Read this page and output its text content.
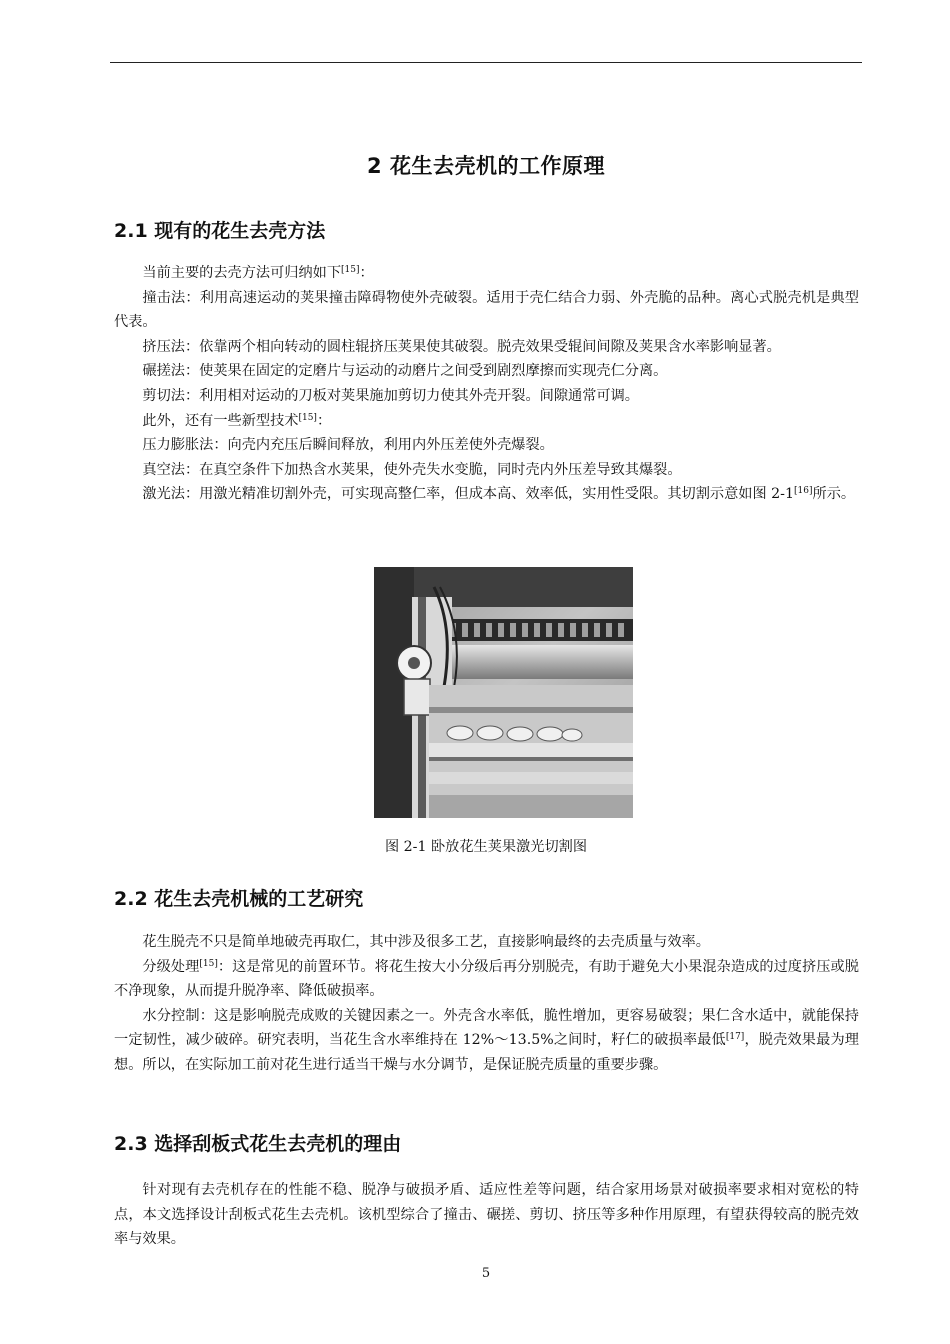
2 花生去壳机的工作原理
2.1 现有的花生去壳方法

当前主要的去壳方法可归纳如下[15]：

撞击法：利用高速运动的荚果撞击障碍物使外壳破裂。适用于壳仁结合力弱、外壳脆的品种。离心式脱壳机是典型代表。

挤压法：依靠两个相向转动的圆柱辊挤压荚果使其破裂。脱壳效果受辊间间隙及荚果含水率影响显著。

碾搓法：使荚果在固定的定磨片与运动的动磨片之间受到剧烈摩擦而实现壳仁分离。

剪切法：利用相对运动的刀板对荚果施加剪切力使其外壳开裂。间隙通常可调。

此外，还有一些新型技术[15]：

压力膨胀法：向壳内充压后瞬间释放，利用内外压差使外壳爆裂。

真空法：在真空条件下加热含水荚果，使外壳失水变脆，同时壳内外压差导致其爆裂。

激光法：用激光精准切割外壳，可实现高整仁率，但成本高、效率低，实用性受限。其切割示意如图 2-1[16]所示。

图 2-1 卧放花生荚果激光切割图
2.2 花生去壳机械的工艺研究

花生脱壳不只是简单地破壳再取仁，其中涉及很多工艺，直接影响最终的去壳质量与效率。

分级处理[15]：这是常见的前置环节。将花生按大小分级后再分别脱壳，有助于避免大小果混杂造成的过度挤压或脱不净现象，从而提升脱净率、降低破损率。

水分控制：这是影响脱壳成败的关键因素之一。外壳含水率低，脆性增加，更容易破裂；果仁含水适中，就能保持一定韧性，减少破碎。研究表明，当花生含水率维持在 12%～13.5%之间时，籽仁的破损率最低[17]，脱壳效果最为理想。所以，在实际加工前对花生进行适当干燥与水分调节，是保证脱壳质量的重要步骤。

2.3 选择刮板式花生去壳机的理由

针对现有去壳机存在的性能不稳、脱净与破损矛盾、适应性差等问题，结合家用场景对破损率要求相对宽松的特点，本文选择设计刮板式花生去壳机。该机型综合了撞击、碾搓、剪切、挤压等多种作用原理，有望获得较高的脱壳效率与效果。

5
